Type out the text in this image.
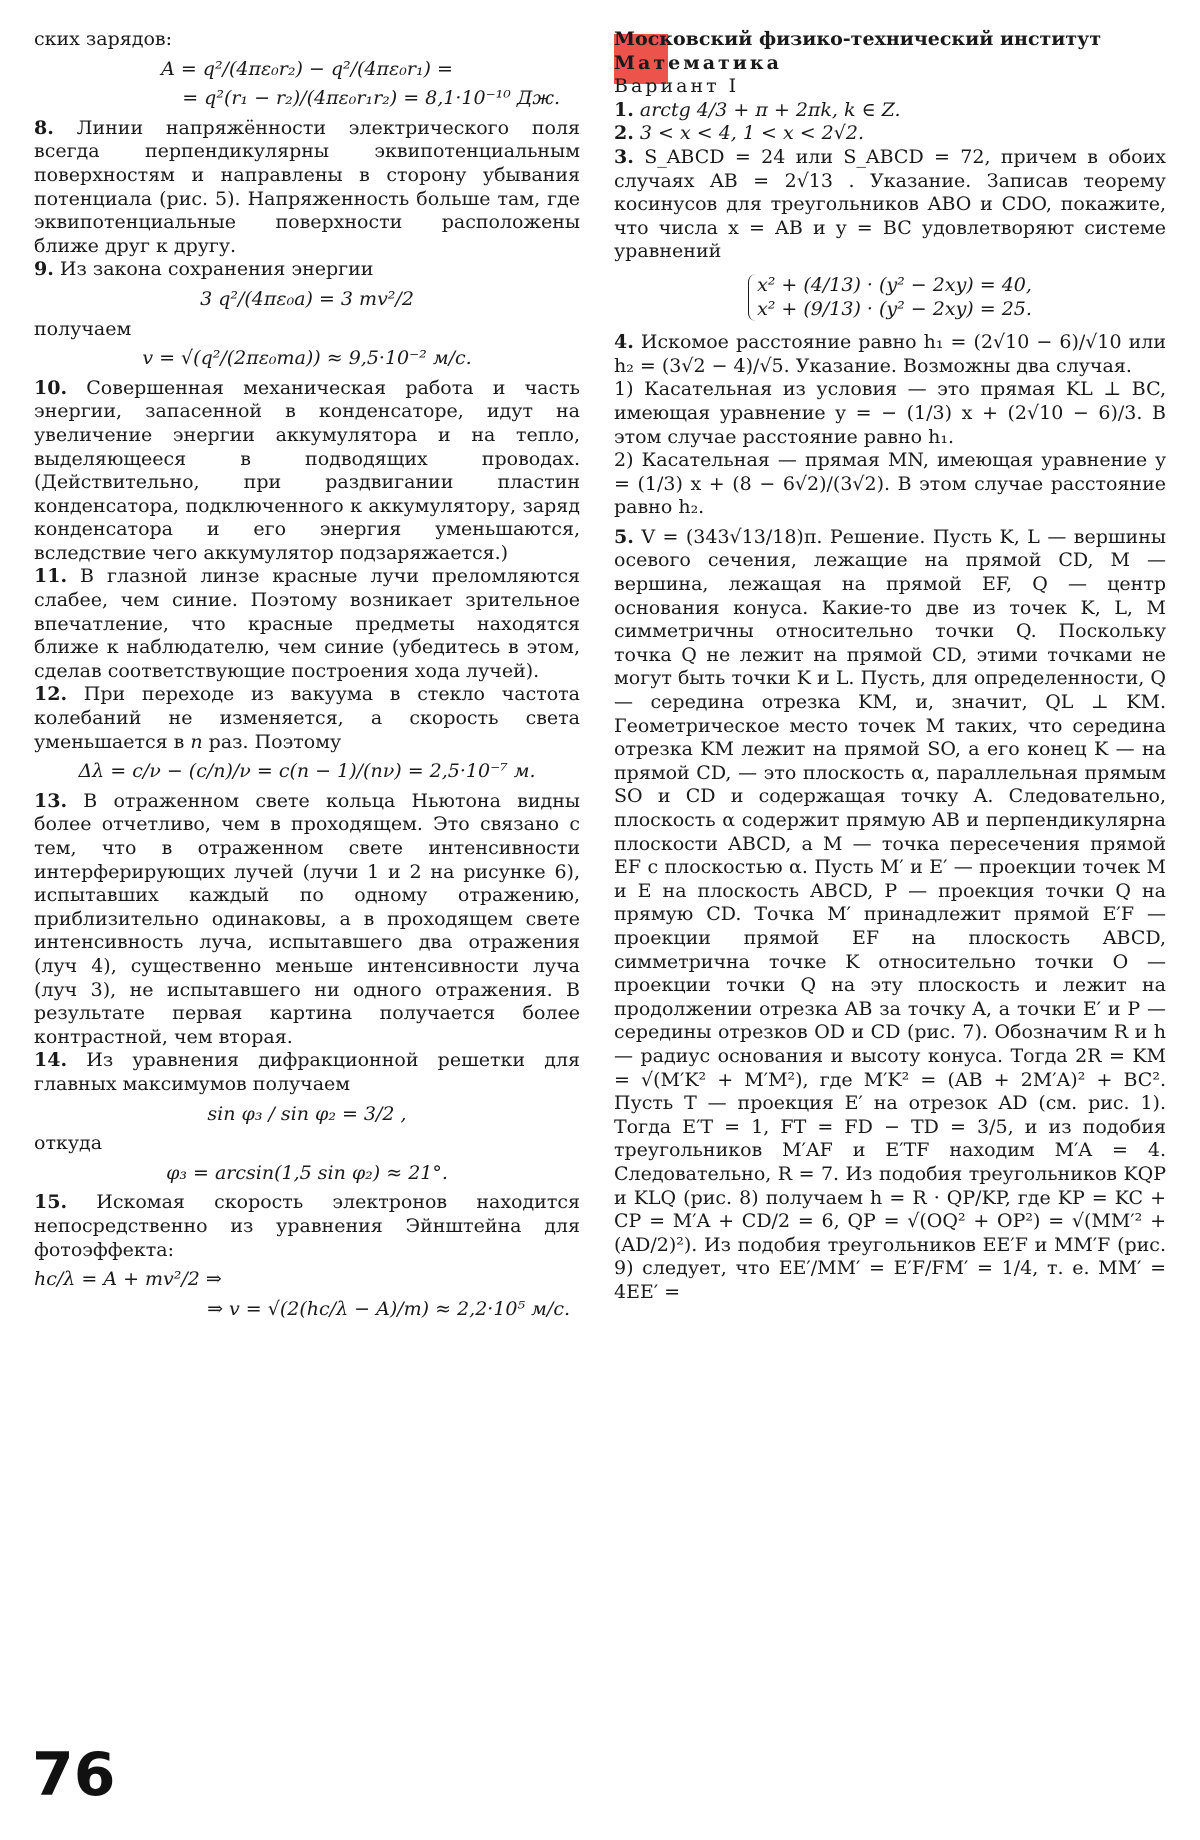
ских зарядов:

A = q²/(4πε₀r₂) − q²/(4πε₀r₁) =
= q²(r₁ − r₂)/(4πε₀r₁r₂) = 8,1·10⁻¹⁰ Дж.

8. Линии напряжённости электрического поля всегда перпендикулярны эквипотенциальным поверхностям и направлены в сторону убывания потенциала (рис. 5). Напряженность больше там, где эквипотенциальные поверхности расположены ближе друг к другу.

9. Из закона сохранения энергии

3 q²/(4πε₀a) = 3 mv²/2

получаем

v = √(q²/(2πε₀ma)) ≈ 9,5·10⁻² м/с.

10. Совершенная механическая работа и часть энергии, запасенной в конденсаторе, идут на увеличение энергии аккумулятора и на тепло, выделяющееся в подводящих проводах. (Действительно, при раздвигании пластин конденсатора, подключенного к аккумулятору, заряд конденсатора и его энергия уменьшаются, вследствие чего аккумулятор подзаряжается.)

11. В глазной линзе красные лучи преломляются слабее, чем синие. Поэтому возникает зрительное впечатление, что красные предметы находятся ближе к наблюдателю, чем синие (убедитесь в этом, сделав соответствующие построения хода лучей).

12. При переходе из вакуума в стекло частота колебаний не изменяется, а скорость света уменьшается в n раз. Поэтому

Δλ = c/ν − (c/n)/ν = c(n − 1)/(nν) = 2,5·10⁻⁷ м.

13. В отраженном свете кольца Ньютона видны более отчетливо, чем в проходящем. Это связано с тем, что в отраженном свете интенсивности интерферирующих лучей (лучи 1 и 2 на рисунке 6), испытавших каждый по одному отражению, приблизительно одинаковы, а в проходящем свете интенсивность луча, испытавшего два отражения (луч 4), существенно меньше интенсивности луча (луч 3), не испытавшего ни одного отражения. В результате первая картина получается более контрастной, чем вторая.

14. Из уравнения дифракционной решетки для главных максимумов получаем

sin φ₃ / sin φ₂ = 3/2 ,

откуда

φ₃ = arcsin(1,5 sin φ₂) ≈ 21°.

15. Искомая скорость электронов находится непосредственно из уравнения Эйнштейна для фотоэффекта:

hc/λ = A + mv²/2 ⇒
⇒ v = √(2(hc/λ − A)/m) ≈ 2,2·10⁵ м/с.

Московский физико-технический институт

Математика

Вариант I

1. arctg 4/3 + π + 2πk, k ∈ Z.

2. 3 < x < 4, 1 < x < 2√2.

3. S_ABCD = 24 или S_ABCD = 72, причем в обоих случаях AB = 2√13 . Указание. Записав теорему косинусов для треугольников ABO и CDO, покажите, что числа x = AB и y = BC удовлетворяют системе уравнений

x² + (4/13) · (y² − 2xy) = 40,
x² + (9/13) · (y² − 2xy) = 25.

4. Искомое расстояние равно h₁ = (2√10 − 6)/√10 или h₂ = (3√2 − 4)/√5. Указание. Возможны два случая.

1) Касательная из условия — это прямая KL ⊥ BC, имеющая уравнение y = − (1/3) x + (2√10 − 6)/3. В этом случае расстояние равно h₁.

2) Касательная — прямая MN, имеющая уравнение y = (1/3) x + (8 − 6√2)/(3√2). В этом случае расстояние равно h₂.

5. V = (343√13/18)π. Решение. Пусть K, L — вершины осевого сечения, лежащие на прямой CD, M — вершина, лежащая на прямой EF, Q — центр основания конуса. Какие-то две из точек K, L, M симметричны относительно точки Q. Поскольку точка Q не лежит на прямой CD, этими точками не могут быть точки K и L. Пусть, для определенности, Q — середина отрезка KM, и, значит, QL ⊥ KM. Геометрическое место точек M таких, что середина отрезка KM лежит на прямой SO, а его конец K — на прямой CD, — это плоскость α, параллельная прямым SO и CD и содержащая точку A. Следовательно, плоскость α содержит прямую AB и перпендикулярна плоскости ABCD, а M — точка пересечения прямой EF с плоскостью α. Пусть M′ и E′ — проекции точек M и E на плоскость ABCD, P — проекция точки Q на прямую CD. Точка M′ принадлежит прямой E′F — проекции прямой EF на плоскость ABCD, симметрична точке K относительно точки O — проекции точки Q на эту плоскость и лежит на продолжении отрезка AB за точку A, а точки E′ и P — середины отрезков OD и CD (рис. 7). Обозначим R и h — радиус основания и высоту конуса. Тогда 2R = KM = √(M′K² + M′M²), где M′K² = (AB + 2M′A)² + BC². Пусть T — проекция E′ на отрезок AD (см. рис. 1). Тогда E′T = 1, FT = FD − TD = 3/5, и из подобия треугольников M′AF и E′TF находим M′A = 4. Следовательно, R = 7. Из подобия треугольников KQP и KLQ (рис. 8) получаем h = R · QP/KP, где KP = KC + CP = M′A + CD/2 = 6, QP = √(OQ² + OP²) = √(MM′² + (AD/2)²). Из подобия треугольников EE′F и MM′F (рис. 9) следует, что EE′/MM′ = E′F/FM′ = 1/4, т. е. MM′ = 4EE′ =

76
